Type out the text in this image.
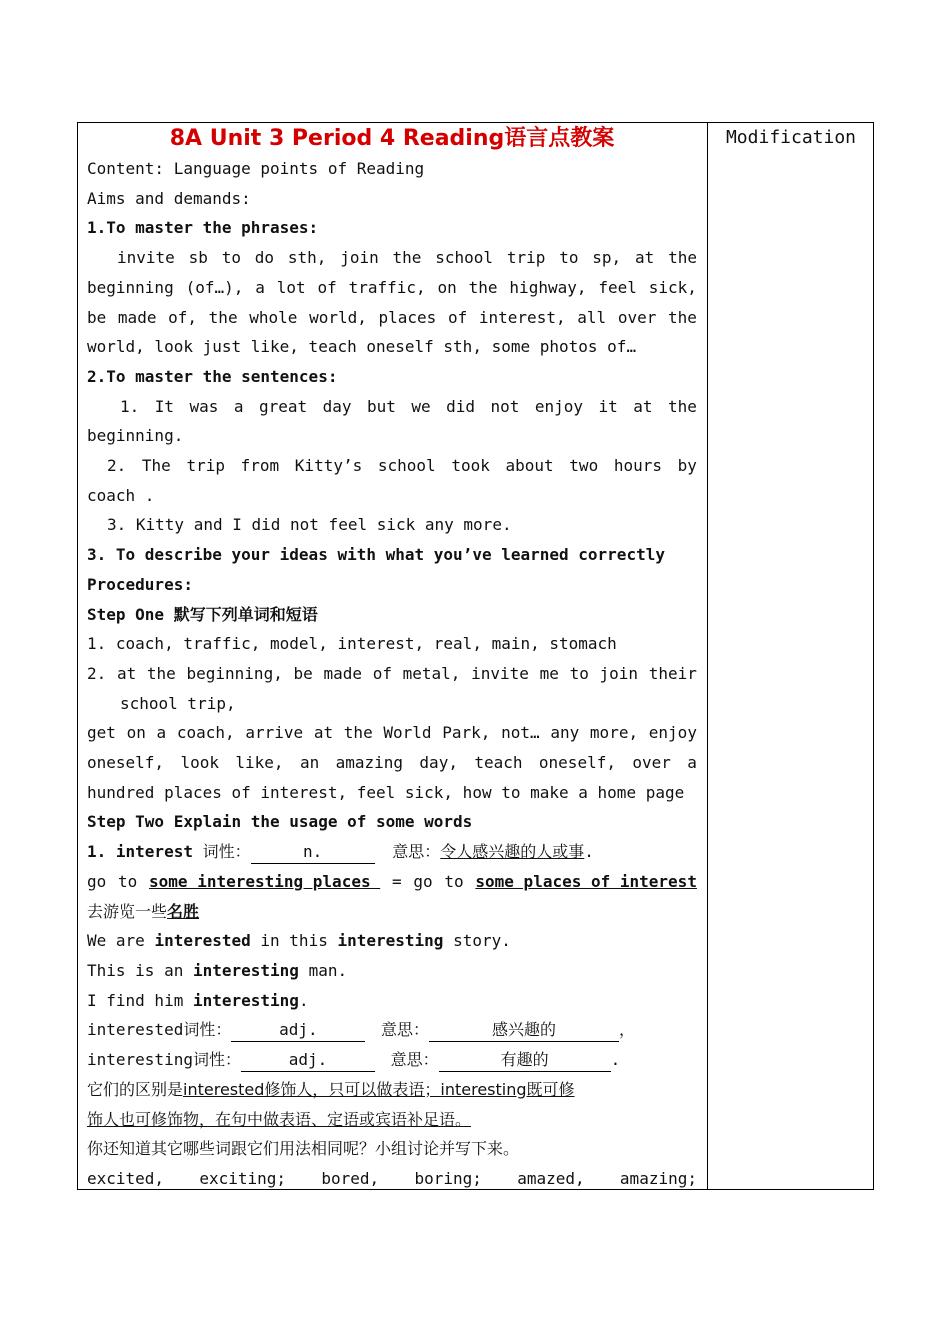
Modification
8A Unit 3 Period 4 Reading语言点教案
Content: Language points of Reading
Aims and demands:
1.To master the phrases:
invite sb to do sth, join the school trip to sp, at the
beginning (of…), a lot of traffic, on the highway, feel sick,
be made of, the whole world, places of interest, all over the
world, look just like, teach oneself sth, some photos of…
2.To master the sentences:
1. It was a great day but we did not enjoy it at the
beginning.
2. The trip from Kitty’s school took about two hours by
coach .
3. Kitty and I did not feel sick any more.
3. To describe your ideas with what you’ve learned correctly
Procedures:
Step One 默写下列单词和短语
1. coach, traffic, model, interest, real, main, stomach
2. at the beginning, be made of metal, invite me to join their
school trip,
get on a coach, arrive at the World Park, not… any more, enjoy
oneself, look like, an amazing day, teach oneself, over a
hundred places of interest, feel sick, how to make a home page
Step Two Explain the usage of some words
1. interest 词性：	n.	意思：令人感兴趣的人或事.
go to some interesting places = go to some places of interest
去游览一些名胜
We are interested in this interesting story.
This is an interesting man.
I find him interesting.
interested词性：	adj.	意思：	感兴趣的	，
interesting词性：	adj.	意思：	有趣的	.
它们的区别是interested修饰人，只可以做表语；interesting既可修
饰人也可修饰物，在句中做表语、定语或宾语补足语。
你还知道其它哪些词跟它们用法相同呢？小组讨论并写下来。
excited, exciting; bored, boring; amazed, amazing;
